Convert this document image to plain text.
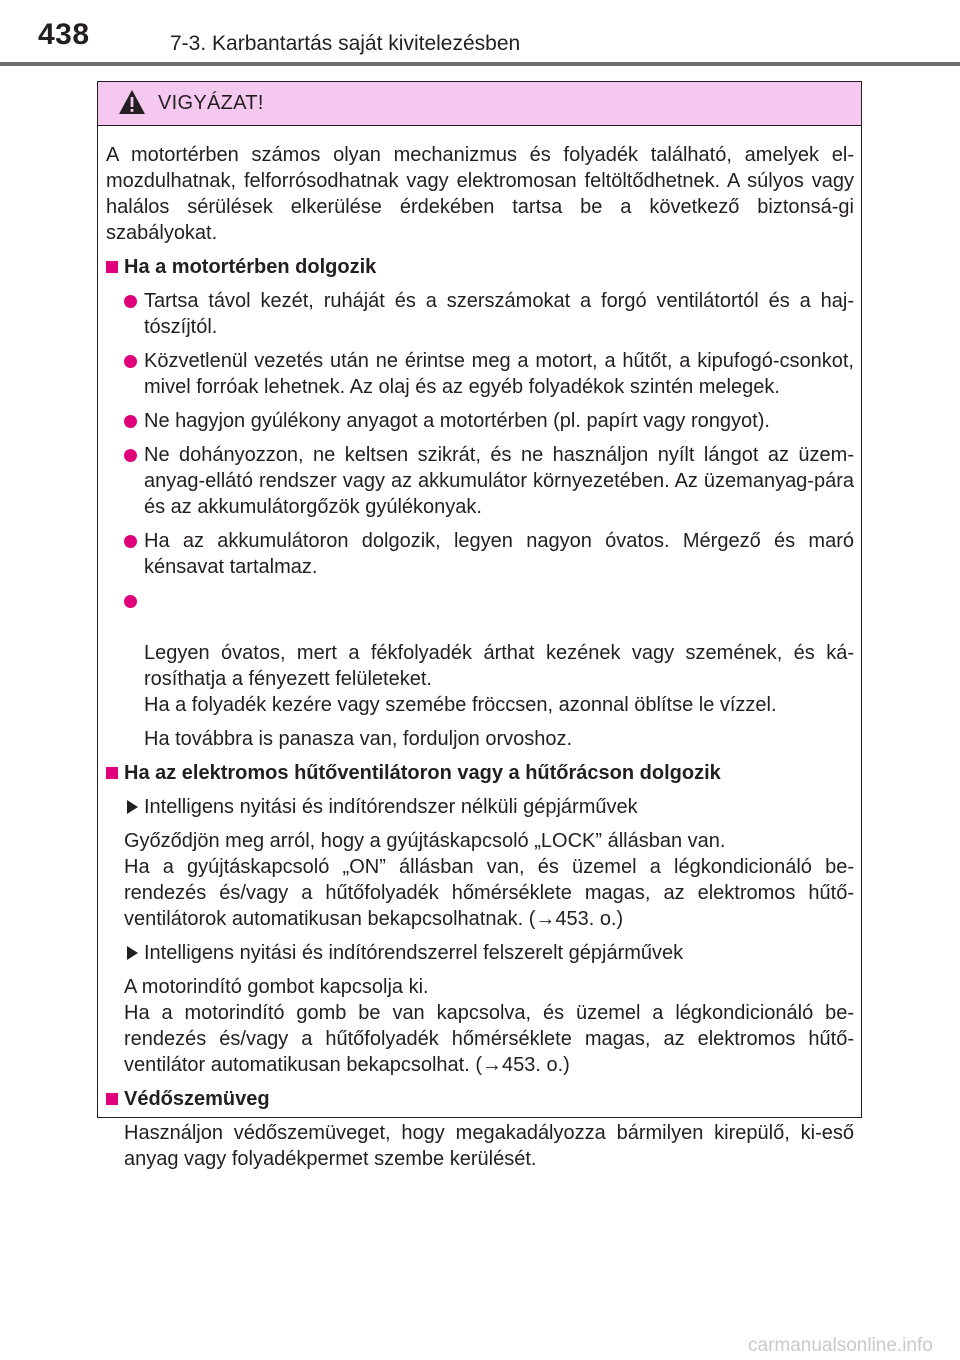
438	7-3. Karbantartás saját kivitelezésben
VIGYÁZAT!

A motortérben számos olyan mechanizmus és folyadék található, amelyek el-mozdulhatnak, felforrósodhatnak vagy elektromosan feltöltődhetnek. A súlyos vagy halálos sérülések elkerülése érdekében tartsa be a következő biztonsá-gi szabályokat.

Ha a motortérben dolgozik
Tartsa távol kezét, ruháját és a szerszámokat a forgó ventilátortól és a haj-tószíjtól.
Közvetlenül vezetés után ne érintse meg a motort, a hűtőt, a kipufogó-csonkot, mivel forróak lehetnek. Az olaj és az egyéb folyadékok szintén melegek.
Ne hagyjon gyúlékony anyagot a motortérben (pl. papírt vagy rongyot).
Ne dohányozzon, ne keltsen szikrát, és ne használjon nyílt lángot az üzem-anyag-ellátó rendszer vagy az akkumulátor környezetében. Az üzemanyag-pára és az akkumulátorgőzök gyúlékonyak.
Ha az akkumulátoron dolgozik, legyen nagyon óvatos. Mérgező és maró kénsavat tartalmaz.

Legyen óvatos, mert a fékfolyadék árthat kezének vagy szemének, és ká-rosíthatja a fényezett felületeket.
Ha a folyadék kezére vagy szemébe fröccsen, azonnal öblítse le vízzel.

Ha továbbra is panasza van, forduljon orvoshoz.
Ha az elektromos hűtőventilátoron vagy a hűtőrácson dolgozik
Intelligens nyitási és indítórendszer nélküli gépjárművek
Győződjön meg arról, hogy a gyújtáskapcsoló „LOCK” állásban van.
Ha a gyújtáskapcsoló „ON” állásban van, és üzemel a légkondicionáló be-rendezés és/vagy a hűtőfolyadék hőmérséklete magas, az elektromos hűtő-ventilátorok automatikusan bekapcsolhatnak. (→453. o.)
Intelligens nyitási és indítórendszerrel felszerelt gépjárművek
A motorindító gombot kapcsolja ki.
Ha a motorindító gomb be van kapcsolva, és üzemel a légkondicionáló be-rendezés és/vagy a hűtőfolyadék hőmérséklete magas, az elektromos hűtő-ventilátor automatikusan bekapcsolhat. (→453. o.)
Védőszemüveg
Használjon védőszemüveget, hogy megakadályozza bármilyen kirepülő, ki-eső anyag vagy folyadékpermet szembe kerülését.
carmanualsonline.info
